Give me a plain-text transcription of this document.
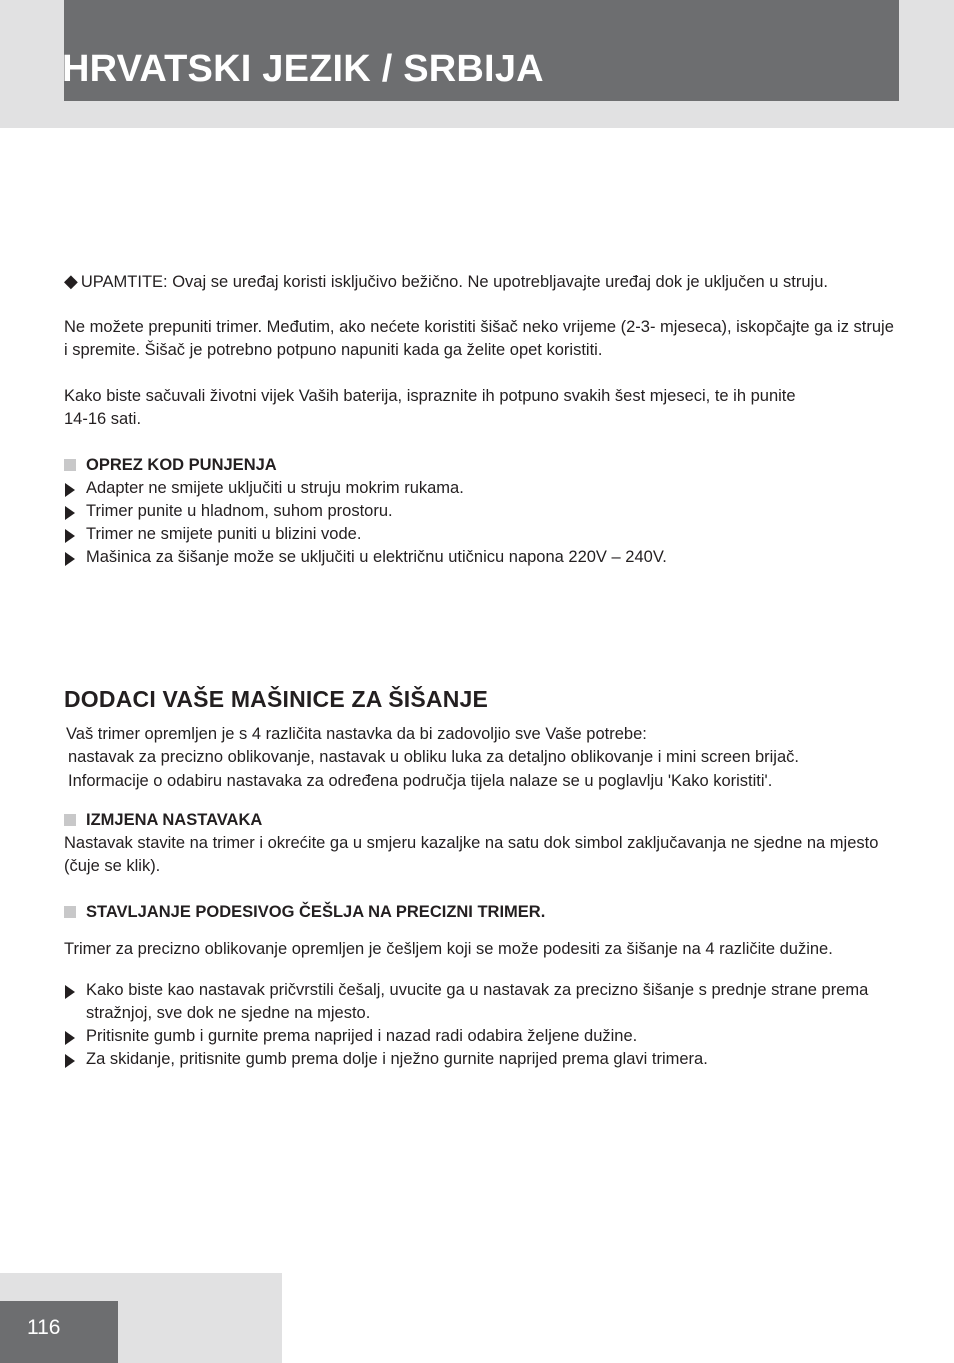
HRVATSKI JEZIK / SRBIJA

◆ UPAMTITE: Ovaj se uređaj koristi isključivo bežično. Ne upotrebljavajte uređaj dok je uključen u struju.

Ne možete prepuniti trimer. Međutim, ako nećete koristiti šišač neko vrijeme (2-3- mjeseca), iskopčajte ga iz struje i spremite. Šišač je potrebno potpuno napuniti kada ga želite opet koristiti.

Kako biste sačuvali životni vijek Vaših baterija, ispraznite ih potpuno svakih šest mjeseci, te ih punite
14-16 sati.

OPREZ KOD PUNJENJA
Adapter ne smijete uključiti u struju mokrim rukama.
Trimer punite u hladnom, suhom prostoru.
Trimer ne smijete puniti u blizini vode.
Mašinica za šišanje može se uključiti u električnu utičnicu napona 220V – 240V.
DODACI VAŠE MAŠINICE ZA ŠIŠANJE

Vaš trimer opremljen je s 4 različita nastavka da bi zadovoljio sve Vaše potrebe:

nastavak za precizno oblikovanje, nastavak u obliku luka za detaljno oblikovanje i mini screen brijač.

Informacije o odabiru nastavaka za određena područja tijela nalaze se u poglavlju 'Kako koristiti'.

IZMJENA NASTAVAKA

Nastavak stavite na trimer i okrećite ga u smjeru kazaljke na satu dok simbol zaključavanja ne sjedne na mjesto (čuje se klik).

STAVLJANJE PODESIVOG ČEŠLJA NA PRECIZNI TRIMER.

Trimer za precizno oblikovanje opremljen je češljem koji se može podesiti za šišanje na 4 različite dužine.

Kako biste kao nastavak pričvrstili češalj, uvucite ga u nastavak za precizno šišanje s prednje strane prema stražnjoj, sve dok ne sjedne na mjesto.
Pritisnite gumb i gurnite prema naprijed i nazad radi odabira željene dužine.
Za skidanje, pritisnite gumb prema dolje i nježno gurnite naprijed prema glavi trimera.
116
